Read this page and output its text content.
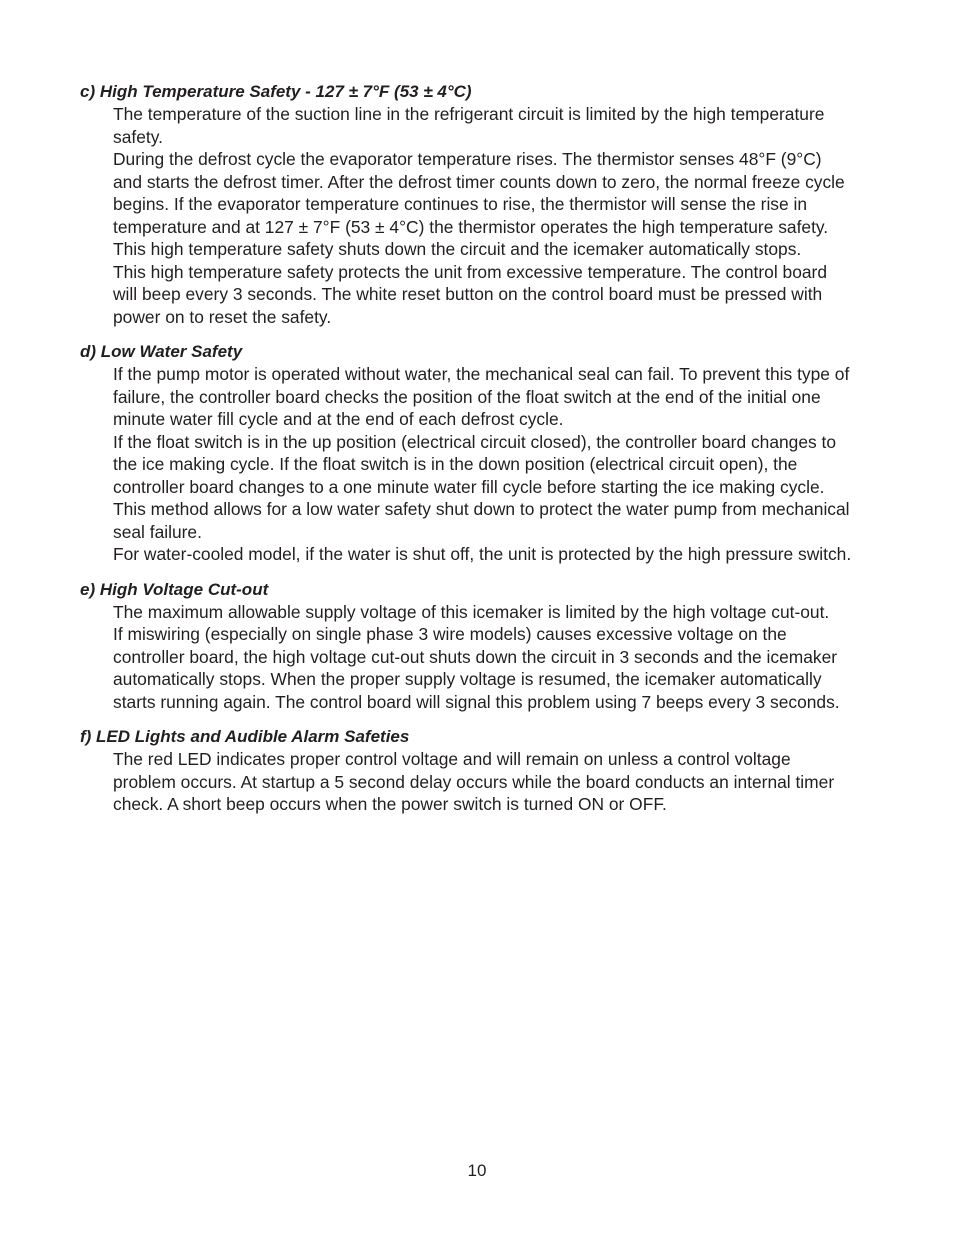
c) High Temperature Safety - 127 ± 7°F (53 ± 4°C)

The temperature of the suction line in the refrigerant circuit is limited by the high temperature safety.

During the defrost cycle the evaporator temperature rises. The thermistor senses 48°F (9°C) and starts the defrost timer. After the defrost timer counts down to zero, the normal freeze cycle begins. If the evaporator temperature continues to rise, the thermistor will sense the rise in temperature and at 127 ± 7°F (53 ± 4°C) the thermistor operates the high temperature safety.

This high temperature safety shuts down the circuit and the icemaker automatically stops.

This high temperature safety protects the unit from excessive temperature. The control board will beep every 3 seconds. The white reset button on the control board must be pressed with power on to reset the safety.

d) Low Water Safety

If the pump motor is operated without water, the mechanical seal can fail. To prevent this type of failure, the controller board checks the position of the float switch at the end of the initial one minute water fill cycle and at the end of each defrost cycle.

If the float switch is in the up position (electrical circuit closed), the controller board changes to the ice making cycle. If the float switch is in the down position (electrical circuit open), the controller board changes to a one minute water fill cycle before starting the ice making cycle. This method allows for a low water safety shut down to protect the water pump from mechanical seal failure.

For water-cooled model, if the water is shut off, the unit is protected by the high pressure switch.

e) High Voltage Cut-out

The maximum allowable supply voltage of this icemaker is limited by the high voltage cut-out.

If miswiring (especially on single phase 3 wire models) causes excessive voltage on the controller board, the high voltage cut-out shuts down the circuit in 3 seconds and the icemaker automatically stops. When the proper supply voltage is resumed, the icemaker automatically starts running again. The control board will signal this problem using 7 beeps every 3 seconds.

f) LED Lights and Audible Alarm Safeties

The red LED indicates proper control voltage and will remain on unless a control voltage problem occurs. At startup a 5 second delay occurs while the board conducts an internal timer check. A short beep occurs when the power switch is turned ON or OFF.

10
